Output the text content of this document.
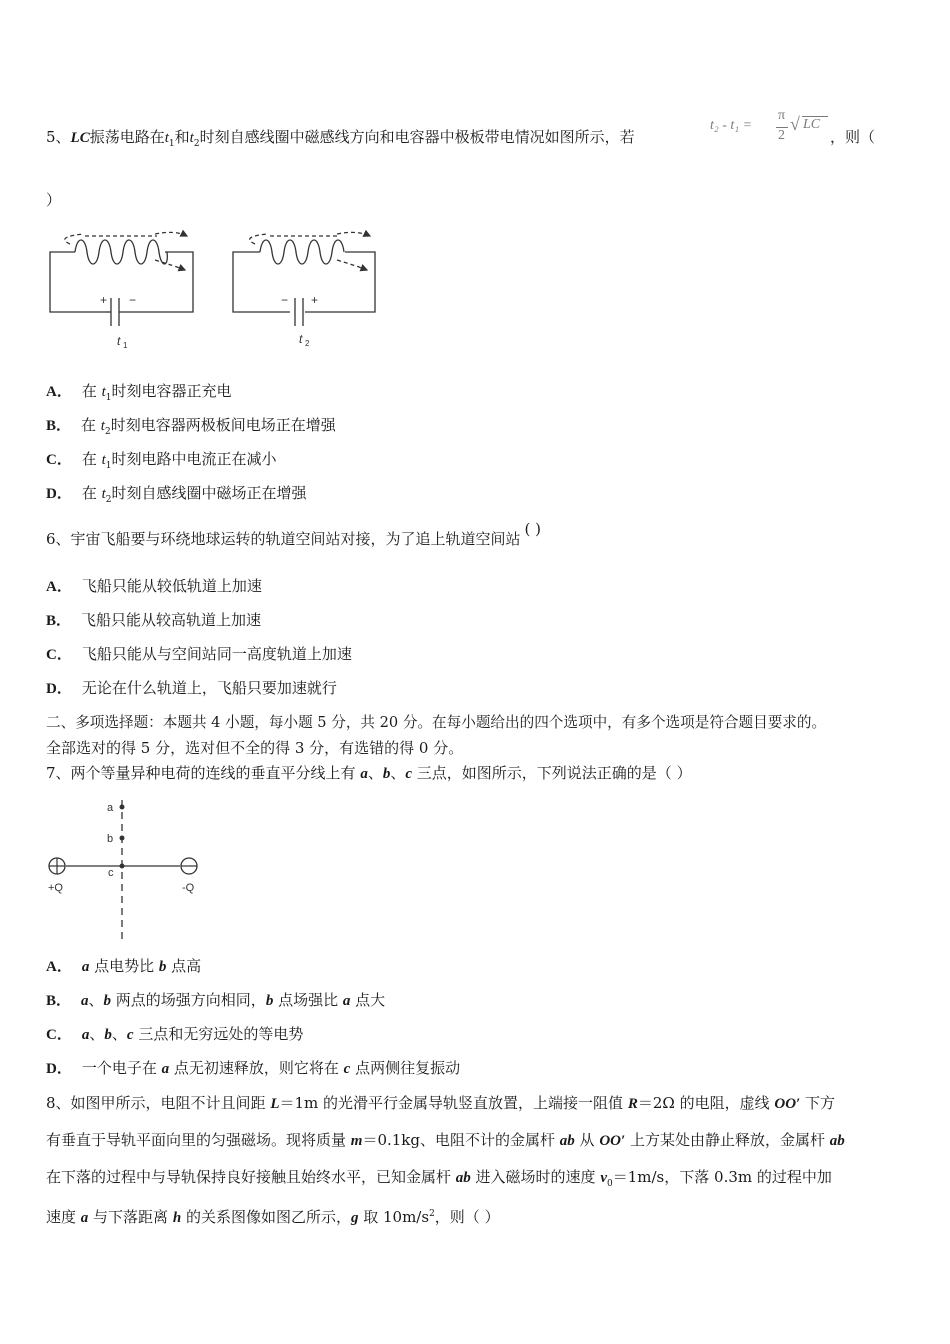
5、LC振荡电路在$t_1$和$t_2$时刻自感线圈中磁感线方向和电容器中极板带电情况如图所示，若
t₂ - t₁ =
π
2
√ LC
，则（
）
+ −
t 1
− +
t 2
A． 在 $t_1$时刻电容器正充电
B． 在 $t_2$时刻电容器两极板间电场正在增强
C． 在 $t_1$时刻电路中电流正在减小
D． 在 $t_2$时刻自感线圈中磁场正在增强
6、宇宙飞船要与环绕地球运转的轨道空间站对接，为了追上轨道空间站( )
A． 飞船只能从较低轨道上加速
B． 飞船只能从较高轨道上加速
C． 飞船只能从与空间站同一高度轨道上加速
D． 无论在什么轨道上，飞船只要加速就行
二、多项选择题：本题共 4 小题，每小题 5 分，共 20 分。在每小题给出的四个选项中，有多个选项是符合题目要求的。
全部选对的得 5 分，选对但不全的得 3 分，有选错的得 0 分。
7、两个等量异种电荷的连线的垂直平分线上有 a、b、c 三点，如图所示，下列说法正确的是（ ）
a
b
c
+Q	-Q
A． a 点电势比 b 点高
B． a、b 两点的场强方向相同，b 点场强比 a 点大
C． a、b、c 三点和无穷远处的等电势
D． 一个电子在 a 点无初速释放，则它将在 c 点两侧往复振动
8、如图甲所示，电阻不计且间距 L＝1m 的光滑平行金属导轨竖直放置，上端接一阻值 R＝2Ω 的电阻，虚线 OO′ 下方
有垂直于导轨平面向里的匀强磁场。现将质量 m＝0.1kg、电阻不计的金属杆 ab 从 OO′ 上方某处由静止释放，金属杆 ab
在下落的过程中与导轨保持良好接触且始终水平，已知金属杆 ab 进入磁场时的速度 $v_0=1m/s$，下落 0.3m 的过程中加
速度 a 与下落距离 h 的关系图像如图乙所示，g 取 $10m/s^2$，则（ ）
